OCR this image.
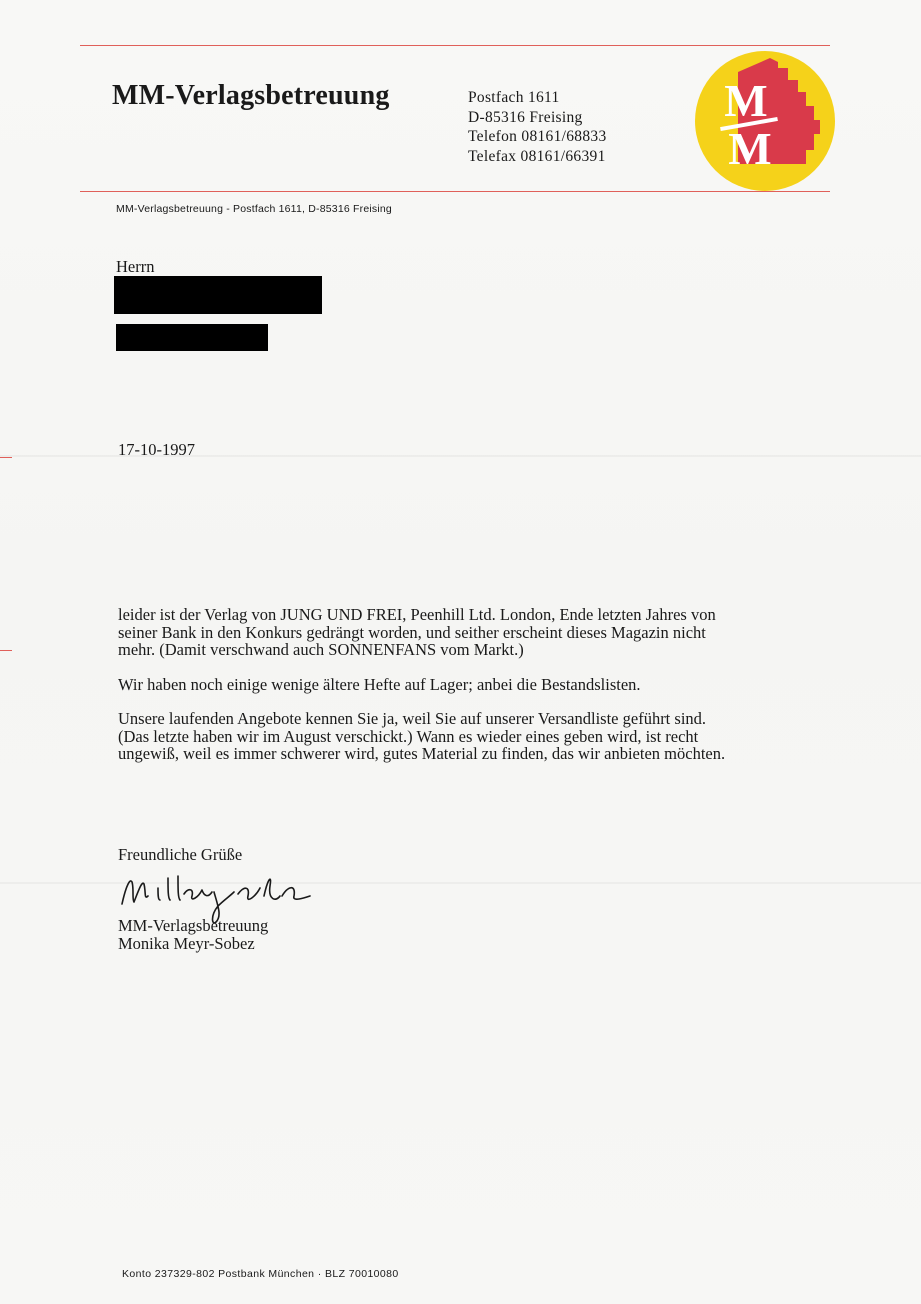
MM-Verlagsbetreuung	Postfach 1611
D-85316 Freising
Telefon 08161/68833
Telefax 08161/66391
M
M
MM-Verlagsbetreuung - Postfach 1611, D-85316 Freising
Herrn
17-10-1997

leider ist der Verlag von JUNG UND FREI, Peenhill Ltd. London, Ende letzten Jahres von seiner Bank in den Konkurs gedrängt worden, und seither erscheint dieses Magazin nicht mehr. (Damit verschwand auch SONNENFANS vom Markt.)

Wir haben noch einige wenige ältere Hefte auf Lager; anbei die Bestandslisten.

Unsere laufenden Angebote kennen Sie ja, weil Sie auf unserer Versandliste geführt sind. (Das letzte haben wir im August verschickt.) Wann es wieder eines geben wird, ist recht ungewiß, weil es immer schwerer wird, gutes Material zu finden, das wir anbieten möchten.

Freundliche Grüße
MM-Verlagsbetreuung
Monika Meyr-Sobez
Konto 237329-802 Postbank München · BLZ 70010080
